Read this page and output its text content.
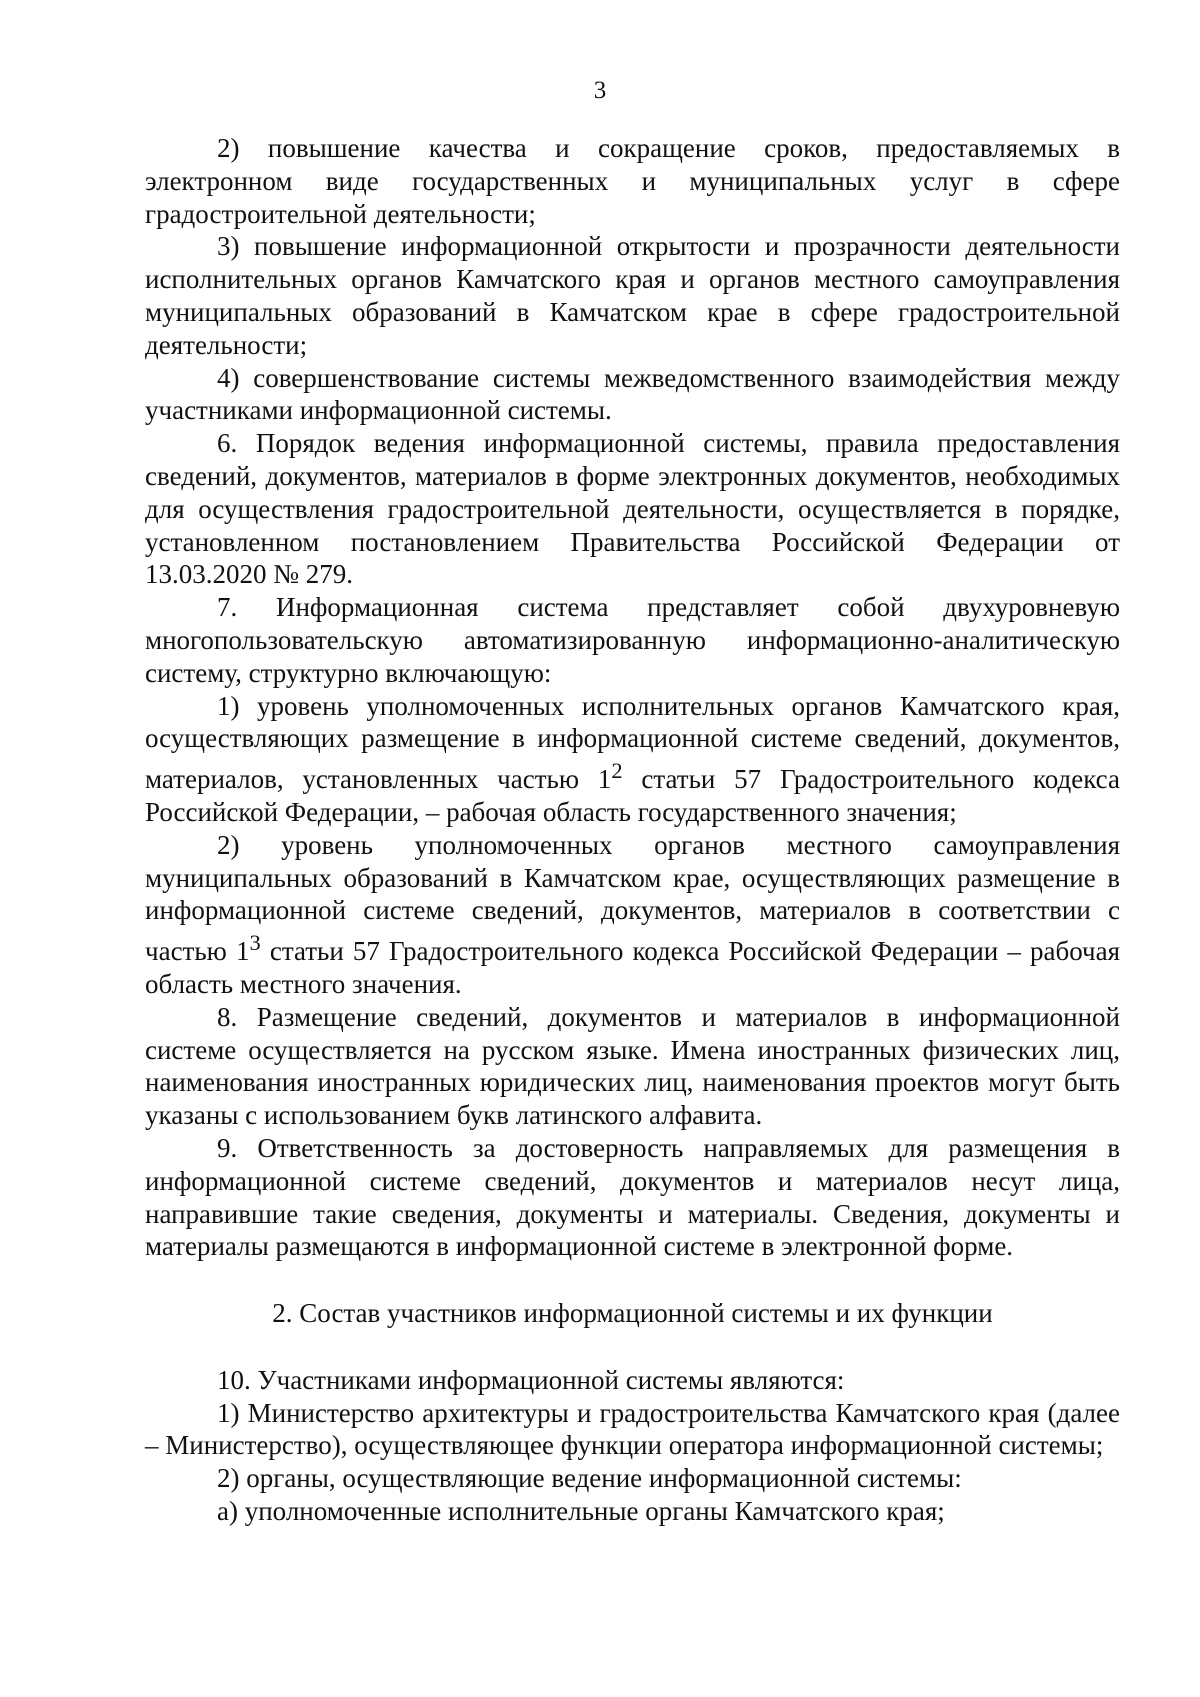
3

2) повышение качества и сокращение сроков, предоставляемых в электронном виде государственных и муниципальных услуг в сфере градостроительной деятельности;

3) повышение информационной открытости и прозрачности деятельности исполнительных органов Камчатского края и органов местного самоуправления муниципальных образований в Камчатском крае в сфере градостроительной деятельности;

4) совершенствование системы межведомственного взаимодействия между участниками информационной системы.

6. Порядок ведения информационной системы, правила предоставления сведений, документов, материалов в форме электронных документов, необходимых для осуществления градостроительной деятельности, осуществляется в порядке, установленном постановлением Правительства Российской Федерации от 13.03.2020 № 279.

7. Информационная система представляет собой двухуровневую многопользовательскую автоматизированную информационно-аналитическую систему, структурно включающую:

1) уровень уполномоченных исполнительных органов Камчатского края, осуществляющих размещение в информационной системе сведений, документов, материалов, установленных частью $1^2$ статьи 57 Градостроительного кодекса Российской Федерации, – рабочая область государственного значения;

2) уровень уполномоченных органов местного самоуправления муниципальных образований в Камчатском крае, осуществляющих размещение в информационной системе сведений, документов, материалов в соответствии с частью $1^3$ статьи 57 Градостроительного кодекса Российской Федерации – рабочая область местного значения.

8. Размещение сведений, документов и материалов в информационной системе осуществляется на русском языке. Имена иностранных физических лиц, наименования иностранных юридических лиц, наименования проектов могут быть указаны с использованием букв латинского алфавита.

9. Ответственность за достоверность направляемых для размещения в информационной системе сведений, документов и материалов несут лица, направившие такие сведения, документы и материалы. Сведения, документы и материалы размещаются в информационной системе в электронной форме.

2. Состав участников информационной системы и их функции

10. Участниками информационной системы являются:

1) Министерство архитектуры и градостроительства Камчатского края (далее – Министерство), осуществляющее функции оператора информационной системы;

2) органы, осуществляющие ведение информационной системы:

а) уполномоченные исполнительные органы Камчатского края;
